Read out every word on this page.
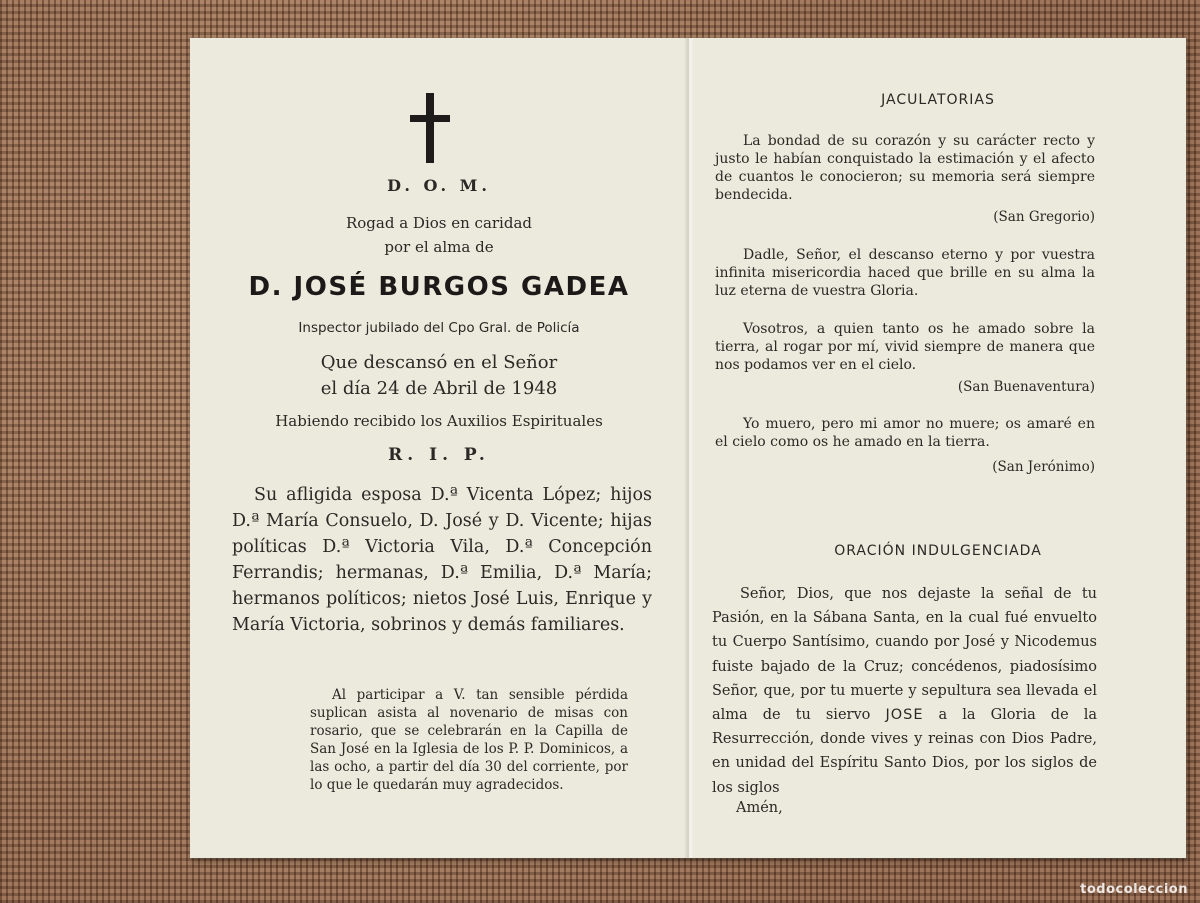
D. O. M.
Rogad a Dios en caridad
por el alma de
D. JOSÉ BURGOS GADEA
Inspector jubilado del Cpo Gral. de Policía
Que descansó en el Señor
el día 24 de Abril de 1948
Habiendo recibido los Auxilios Espirituales
R. I. P.
Su afligida esposa D.ª Vicenta López; hijos D.ª María Consuelo, D. José y D. Vicente; hijas políticas D.ª Victoria Vila, D.ª Concepción Ferrandis; hermanas, D.ª Emilia, D.ª María; hermanos políticos; nietos José Luis, Enrique y María Victoria, sobrinos y demás familiares.
Al participar a V. tan sensible pérdida suplican asista al novenario de misas con rosario, que se celebrarán en la Capilla de San José en la Iglesia de los P. P. Dominicos, a las ocho, a partir del día 30 del corriente, por lo que le quedarán muy agradecidos.
JACULATORIAS
La bondad de su corazón y su carácter recto y justo le habían conquistado la estimación y el afecto de cuantos le conocieron; su memoria será siempre bendecida.
(San Gregorio)
Dadle, Señor, el descanso eterno y por vuestra infinita misericordia haced que brille en su alma la luz eterna de vuestra Gloria.
Vosotros, a quien tanto os he amado sobre la tierra, al rogar por mí, vivid siempre de manera que nos podamos ver en el cielo.
(San Buenaventura)
Yo muero, pero mi amor no muere; os amaré en el cielo como os he amado en la tierra.
(San Jerónimo)
ORACIÓN INDULGENCIADA
Señor, Dios, que nos dejaste la señal de tu Pasión, en la Sábana Santa, en la cual fué envuelto tu Cuerpo Santísimo, cuando por José y Nicodemus fuiste bajado de la Cruz; concédenos, piadosísimo Señor, que, por tu muerte y sepultura sea llevada el alma de tu siervo JOSE a la Gloria de la Resurrección, donde vives y reinas con Dios Padre, en unidad del Espíritu Santo Dios, por los siglos de los siglos
Amén,
todocoleccion
